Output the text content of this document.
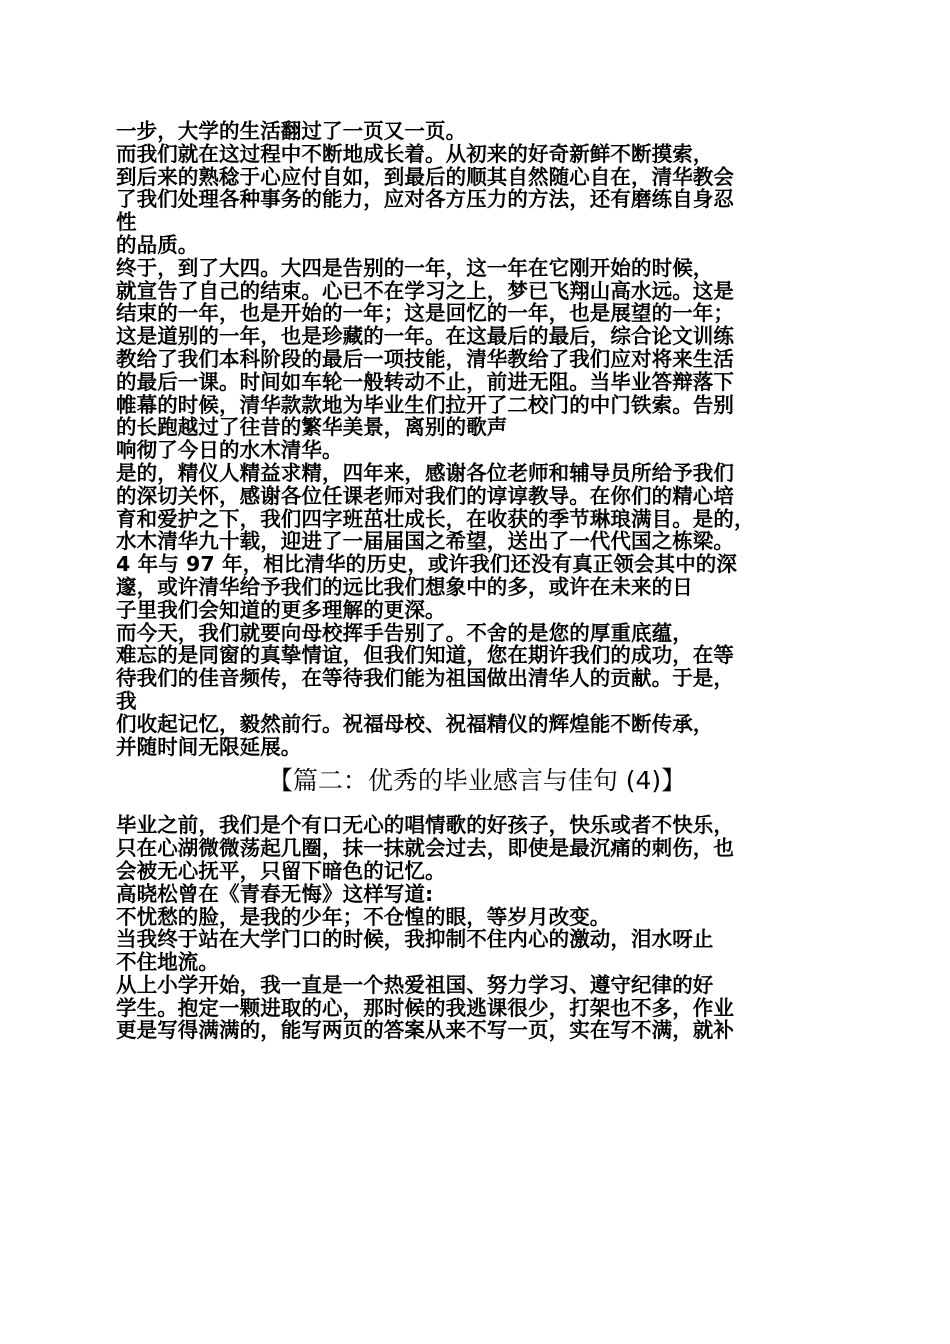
一步，大学的生活翻过了一页又一页。
而我们就在这过程中不断地成长着。从初来的好奇新鲜不断摸索，
到后来的熟稔于心应付自如，到最后的顺其自然随心自在，清华教会
了我们处理各种事务的能力，应对各方压力的方法，还有磨练自身忍
性
的品质。
终于，到了大四。大四是告别的一年，这一年在它刚开始的时候，
就宣告了自己的结束。心已不在学习之上，梦已飞翔山高水远。这是
结束的一年，也是开始的一年；这是回忆的一年，也是展望的一年；
这是道别的一年，也是珍藏的一年。在这最后的最后，综合论文训练
教给了我们本科阶段的最后一项技能，清华教给了我们应对将来生活
的最后一课。时间如车轮一般转动不止，前进无阻。当毕业答辩落下
帷幕的时候，清华款款地为毕业生们拉开了二校门的中门铁索。告别
的长跑越过了往昔的繁华美景，离别的歌声
响彻了今日的水木清华。
是的，精仪人精益求精，四年来，感谢各位老师和辅导员所给予我们
的深切关怀，感谢各位任课老师对我们的谆谆教导。在你们的精心培
育和爱护之下，我们四字班茁壮成长，在收获的季节琳琅满目。是的，
水木清华九十载，迎进了一届届国之希望，送出了一代代国之栋梁。
4 年与 97 年，相比清华的历史，或许我们还没有真正领会其中的深
邃，或许清华给予我们的远比我们想象中的多，或许在未来的日
子里我们会知道的更多理解的更深。
而今天，我们就要向母校挥手告别了。不舍的是您的厚重底蕴，
难忘的是同窗的真挚情谊，但我们知道，您在期许我们的成功，在等
待我们的佳音频传，在等待我们能为祖国做出清华人的贡献。于是，
我
们收起记忆，毅然前行。祝福母校、祝福精仪的辉煌能不断传承，
并随时间无限延展。
【篇二：优秀的毕业感言与佳句 (4)】
毕业之前，我们是个有口无心的唱情歌的好孩子，快乐或者不快乐，
只在心湖微微荡起几圈，抹一抹就会过去，即使是最沉痛的刺伤，也
会被无心抚平，只留下暗色的记忆。
高晓松曾在《青春无悔》这样写道:
不忧愁的脸，是我的少年；不仓惶的眼，等岁月改变。
当我终于站在大学门口的时候，我抑制不住内心的激动，泪水呀止
不住地流。
从上小学开始，我一直是一个热爱祖国、努力学习、遵守纪律的好
学生。抱定一颗进取的心，那时候的我逃课很少，打架也不多，作业
更是写得满满的，能写两页的答案从来不写一页，实在写不满，就补
